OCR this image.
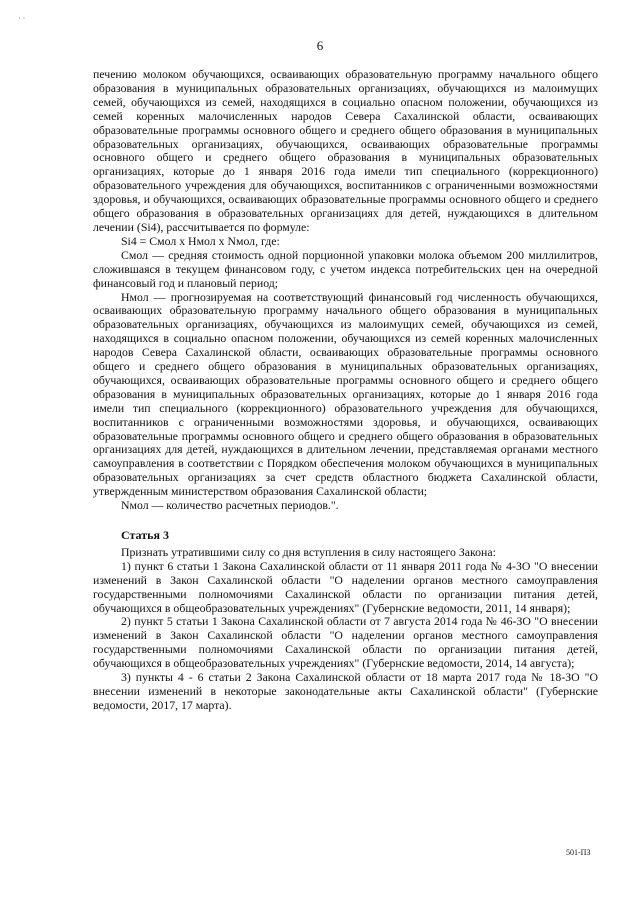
· ·
6

печению молоком обучающихся, осваивающих образовательную программу начального общего образования в муниципальных образовательных организациях, обучающихся из малоимущих семей, обучающихся из семей, находящихся в социально опасном положении, обучающихся из семей коренных малочисленных народов Севера Сахалинской области, осваивающих образовательные программы основного общего и среднего общего образования в муниципальных образовательных организациях, обучающихся, осваивающих образовательные программы основного общего и среднего общего образования в муниципальных образовательных организациях, которые до 1 января 2016 года имели тип специального (коррекционного) образовательного учреждения для обучающихся, воспитанников с ограниченными возможностями здоровья, и обучающихся, осваивающих образовательные программы основного общего и среднего общего образования в образовательных организациях для детей, нуждающихся в длительном лечении (Si4), рассчитывается по формуле:

Si4 = Смол x Нмол x Nмол, где:

Смол — средняя стоимость одной порционной упаковки молока объемом 200 миллилитров, сложившаяся в текущем финансовом году, с учетом индекса потребительских цен на очередной финансовый год и плановый период;

Нмол — прогнозируемая на соответствующий финансовый год численность обучающихся, осваивающих образовательную программу начального общего образования в муниципальных образовательных организациях, обучающихся из малоимущих семей, обучающихся из семей, находящихся в социально опасном положении, обучающихся из семей коренных малочисленных народов Севера Сахалинской области, осваивающих образовательные программы основного общего и среднего общего образования в муниципальных образовательных организациях, обучающихся, осваивающих образовательные программы основного общего и среднего общего образования в муниципальных образовательных организациях, которые до 1 января 2016 года имели тип специального (коррекционного) образовательного учреждения для обучающихся, воспитанников с ограниченными возможностями здоровья, и обучающихся, осваивающих образовательные программы основного общего и среднего общего образования в образовательных организациях для детей, нуждающихся в длительном лечении, представляемая органами местного самоуправления в соответствии с Порядком обеспечения молоком обучающихся в муниципальных образовательных организациях за счет средств областного бюджета Сахалинской области, утвержденным министерством образования Сахалинской области;

Nмол — количество расчетных периодов.".

Статья 3

Признать утратившими силу со дня вступления в силу настоящего Закона:

1) пункт 6 статьи 1 Закона Сахалинской области от 11 января 2011 года № 4-ЗО "О внесении изменений в Закон Сахалинской области "О наделении органов местного самоуправления государственными полномочиями Сахалинской области по организации питания детей, обучающихся в общеобразовательных учреждениях" (Губернские ведомости, 2011, 14 января);

2) пункт 5 статьи 1 Закона Сахалинской области от 7 августа 2014 года № 46-ЗО "О внесении изменений в Закон Сахалинской области "О наделении органов местного самоуправления государственными полномочиями Сахалинской области по организации питания детей, обучающихся в общеобразовательных учреждениях" (Губернские ведомости, 2014, 14 августа);

3) пункты 4 - 6 статьи 2 Закона Сахалинской области от 18 марта 2017 года № 18-ЗО "О внесении изменений в некоторые законодательные акты Сахалинской области" (Губернские ведомости, 2017, 17 марта).

501-ПЗ
